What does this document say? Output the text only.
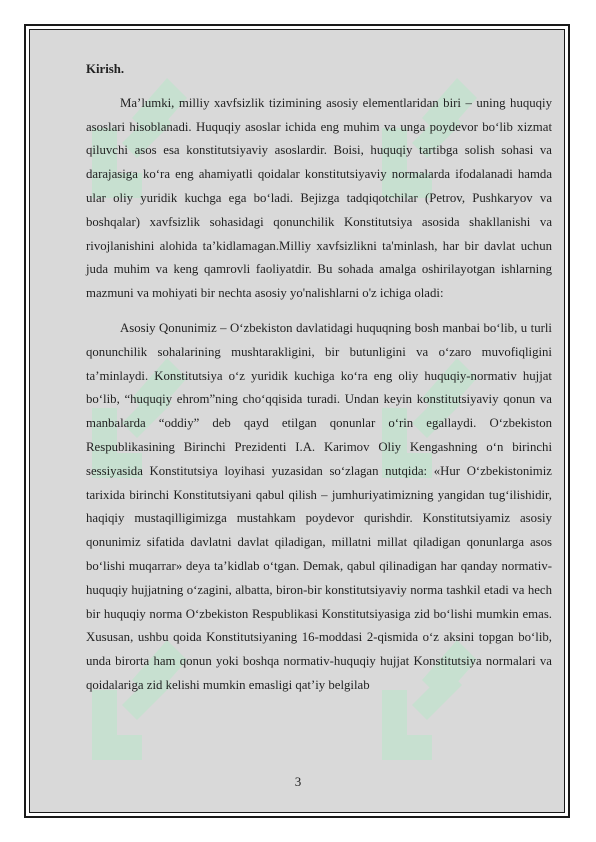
Kirish.

Ma’lumki, milliy xavfsizlik tizimining asosiy elementlaridan biri – uning huquqiy asoslari hisoblanadi. Huquqiy asoslar ichida eng muhim va unga poydevor bo‘lib xizmat qiluvchi asos esa konstitutsiyaviy asoslardir. Boisi, huquqiy tartibga solish sohasi va darajasiga ko‘ra eng ahamiyatli qoidalar konstitutsiyaviy normalarda ifodalanadi hamda ular oliy yuridik kuchga ega bo‘ladi. Bejizga tadqiqotchilar (Petrov, Pushkaryov va boshqalar) xavfsizlik sohasidagi qonunchilik Konstitutsiya asosida shakllanishi va rivojlanishini alohida ta’kidlamagan.Milliy xavfsizlikni ta'minlash, har bir davlat uchun juda muhim va keng qamrovli faoliyatdir. Bu sohada amalga oshirilayotgan ishlarning mazmuni va mohiyati bir nechta asosiy yo'nalishlarni o'z ichiga oladi:

Asosiy Qonunimiz – O‘zbekiston davlatidagi huquqning bosh manbai bo‘lib, u turli qonunchilik sohalarining mushtarakligini, bir butunligini va o‘zaro muvofiqligini ta’minlaydi. Konstitutsiya o‘z yuridik kuchiga ko‘ra eng oliy huquqiy-normativ hujjat bo‘lib, “huquqiy ehrom”ning cho‘qqisida turadi. Undan keyin konstitutsiyaviy qonun va manbalarda “oddiy” deb qayd etilgan qonunlar o‘rin egallaydi. O‘zbekiston Respublikasining Birinchi Prezidenti I.A. Karimov Oliy Kengashning o‘n birinchi sessiyasida Konstitutsiya loyihasi yuzasidan so‘zlagan nutqida: «Hur O‘zbekistonimiz tarixida birinchi Konstitutsiyani qabul qilish – jumhuriyatimizning yangidan tug‘ilishidir, haqiqiy mustaqilligimizga mustahkam poydevor qurishdir. Konstitutsiyamiz asosiy qonunimiz sifatida davlatni davlat qiladigan, millatni millat qiladigan qonunlarga asos bo‘lishi muqarrar» deya ta’kidlab o‘tgan. Demak, qabul qilinadigan har qanday normativ-huquqiy hujjatning o‘zagini, albatta, biron-bir konstitutsiyaviy norma tashkil etadi va hech bir huquqiy norma O‘zbekiston Respublikasi Konstitutsiyasiga zid bo‘lishi mumkin emas. Xususan, ushbu qoida Konstitutsiyaning 16-moddasi 2-qismida o‘z aksini topgan bo‘lib, unda birorta ham qonun yoki boshqa normativ-huquqiy hujjat Konstitutsiya normalari va qoidalariga zid kelishi mumkin emasligi qat’iy belgilab

3
